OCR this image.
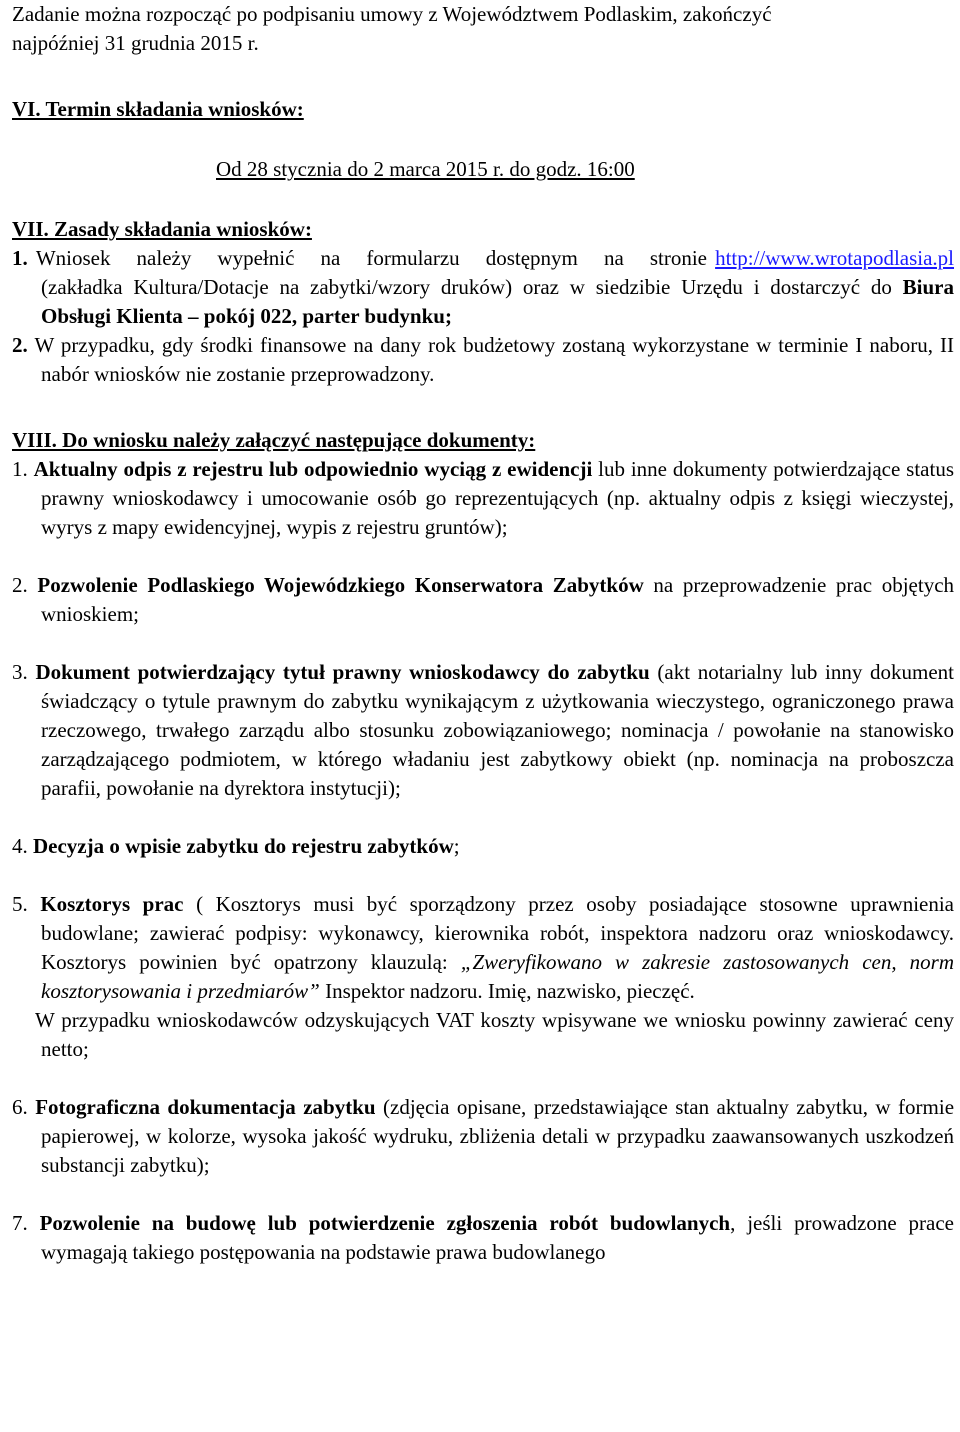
Zadanie można rozpocząć po podpisaniu umowy z Województwem Podlaskim, zakończyć
najpóźniej 31 grudnia 2015 r.

VI. Termin składania wniosków:

Od 28 stycznia do 2 marca 2015 r. do godz. 16:00

VII. Zasady składania wniosków:

1. Wniosek należy wypełnić na formularzu dostępnym na stronie http://www.wrotapodlasia.pl (zakładka Kultura/Dotacje na zabytki/wzory druków) oraz w siedzibie Urzędu i dostarczyć do Biura Obsługi Klienta – pokój 022, parter budynku;

2. W przypadku, gdy środki finansowe na dany rok budżetowy zostaną wykorzystane w terminie I naboru, II nabór wniosków nie zostanie przeprowadzony.

VIII. Do wniosku należy załączyć następujące dokumenty:

1. Aktualny odpis z rejestru lub odpowiednio wyciąg z ewidencji lub inne dokumenty potwierdzające status prawny wnioskodawcy i umocowanie osób go reprezentujących (np. aktualny odpis z księgi wieczystej, wyrys z mapy ewidencyjnej, wypis z rejestru gruntów);

2. Pozwolenie Podlaskiego Wojewódzkiego Konserwatora Zabytków na przeprowadzenie prac objętych wnioskiem;

3. Dokument potwierdzający tytuł prawny wnioskodawcy do zabytku (akt notarialny lub inny dokument świadczący o tytule prawnym do zabytku wynikającym z użytkowania wieczystego, ograniczonego prawa rzeczowego, trwałego zarządu albo stosunku zobowiązaniowego; nominacja / powołanie na stanowisko zarządzającego podmiotem, w którego władaniu jest zabytkowy obiekt (np. nominacja na proboszcza parafii, powołanie na dyrektora instytucji);

4. Decyzja o wpisie zabytku do rejestru zabytków;

5. Kosztorys prac ( Kosztorys musi być sporządzony przez osoby posiadające stosowne uprawnienia budowlane; zawierać podpisy: wykonawcy, kierownika robót, inspektora nadzoru oraz wnioskodawcy. Kosztorys powinien być opatrzony klauzulą: „Zweryfikowano w zakresie zastosowanych cen, norm kosztorysowania i przedmiarów” Inspektor nadzoru. Imię, nazwisko, pieczęć.

W przypadku wnioskodawców odzyskujących VAT koszty wpisywane we wniosku powinny zawierać ceny netto;

6. Fotograficzna dokumentacja zabytku (zdjęcia opisane, przedstawiające stan aktualny zabytku, w formie papierowej, w kolorze, wysoka jakość wydruku, zbliżenia detali w przypadku zaawansowanych uszkodzeń substancji zabytku);

7. Pozwolenie na budowę lub potwierdzenie zgłoszenia robót budowlanych, jeśli prowadzone prace wymagają takiego postępowania na podstawie prawa budowlanego
